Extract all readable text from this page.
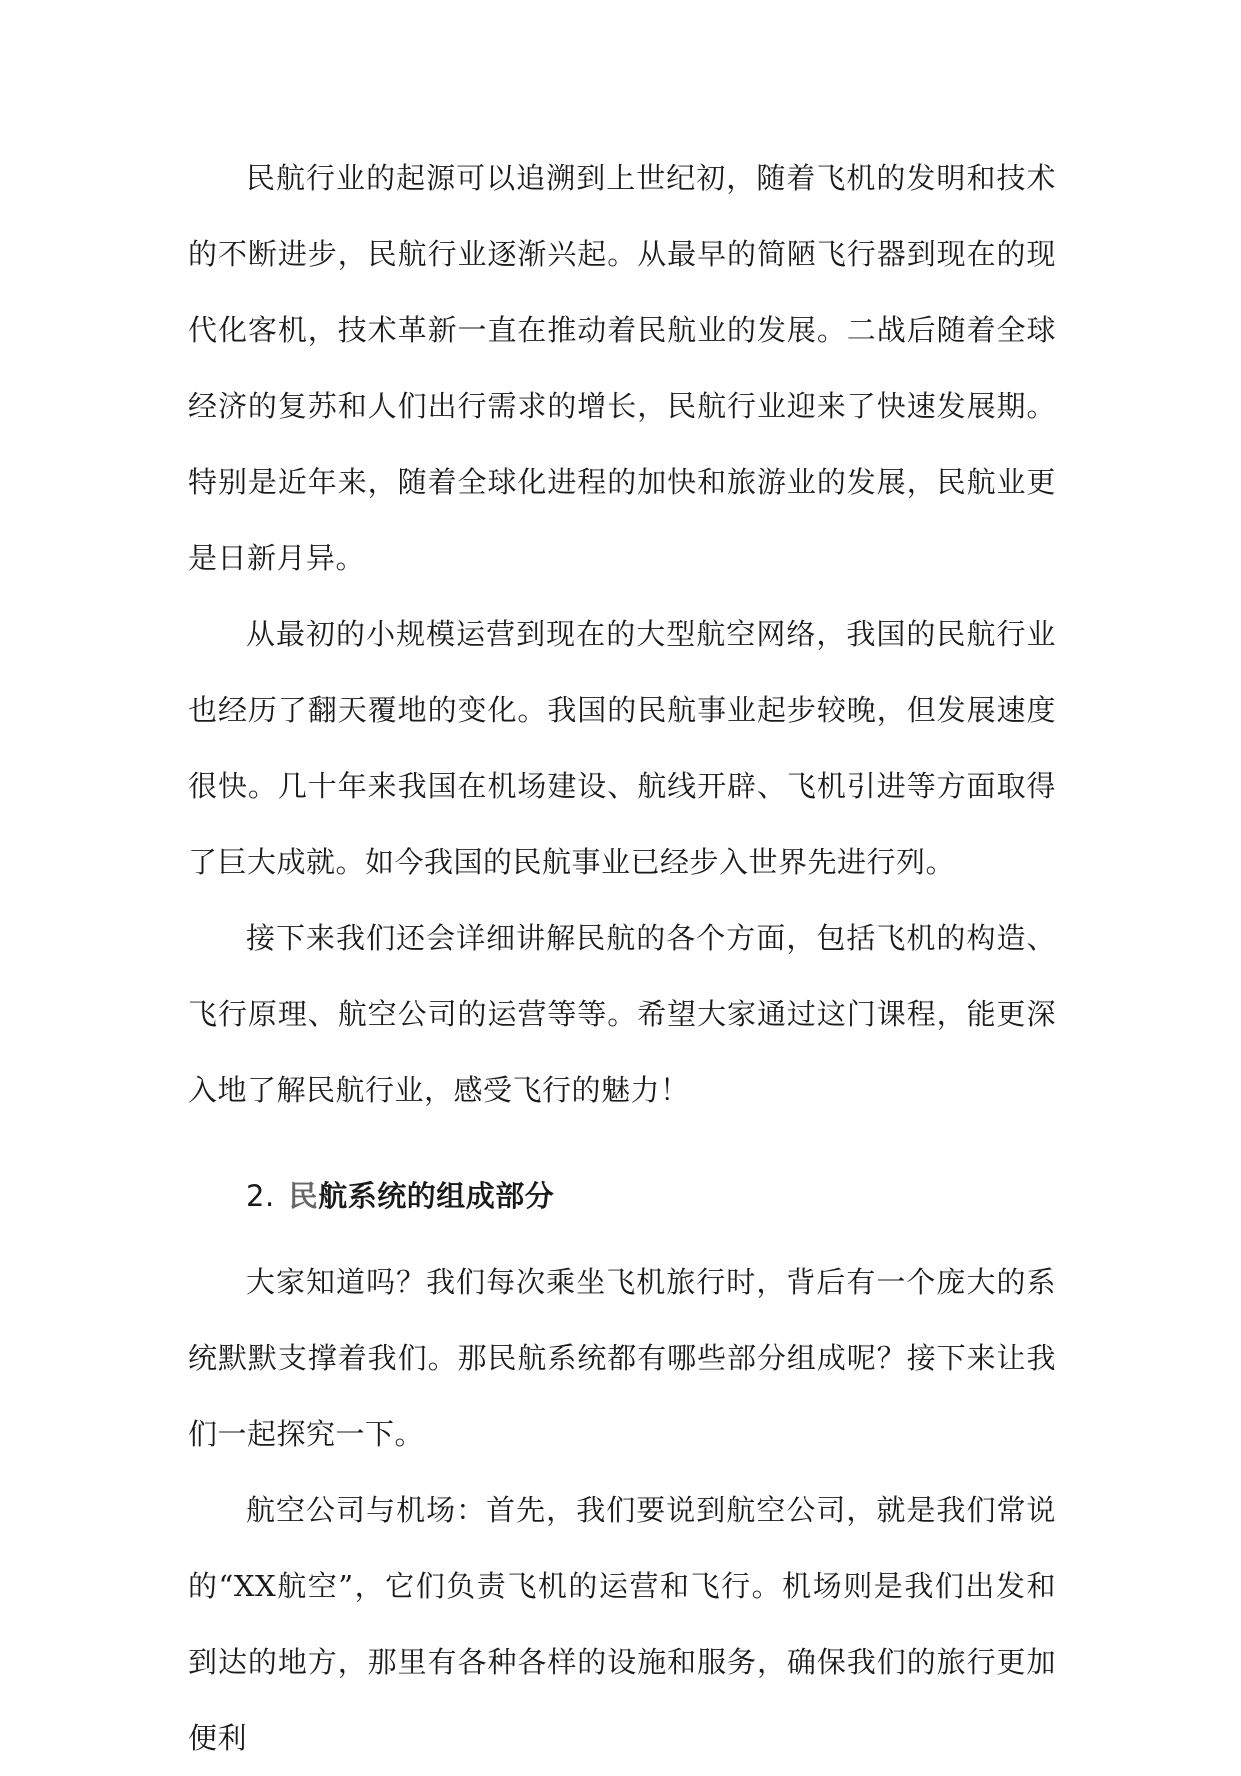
民航行业的起源可以追溯到上世纪初，随着飞机的发明和技术的不断进步，民航行业逐渐兴起。从最早的简陋飞行器到现在的现代化客机，技术革新一直在推动着民航业的发展。二战后随着全球经济的复苏和人们出行需求的增长，民航行业迎来了快速发展期。特别是近年来，随着全球化进程的加快和旅游业的发展，民航业更是日新月异。

从最初的小规模运营到现在的大型航空网络，我国的民航行业也经历了翻天覆地的变化。我国的民航事业起步较晚，但发展速度很快。几十年来我国在机场建设、航线开辟、飞机引进等方面取得了巨大成就。如今我国的民航事业已经步入世界先进行列。

接下来我们还会详细讲解民航的各个方面，包括飞机的构造、飞行原理、航空公司的运营等等。希望大家通过这门课程，能更深入地了解民航行业，感受飞行的魅力！

2. 民航系统的组成部分

大家知道吗？我们每次乘坐飞机旅行时，背后有一个庞大的系统默默支撑着我们。那民航系统都有哪些部分组成呢？接下来让我们一起探究一下。

航空公司与机场：首先，我们要说到航空公司，就是我们常说的“XX航空”，它们负责飞机的运营和飞行。机场则是我们出发和到达的地方，那里有各种各样的设施和服务，确保我们的旅行更加便利
